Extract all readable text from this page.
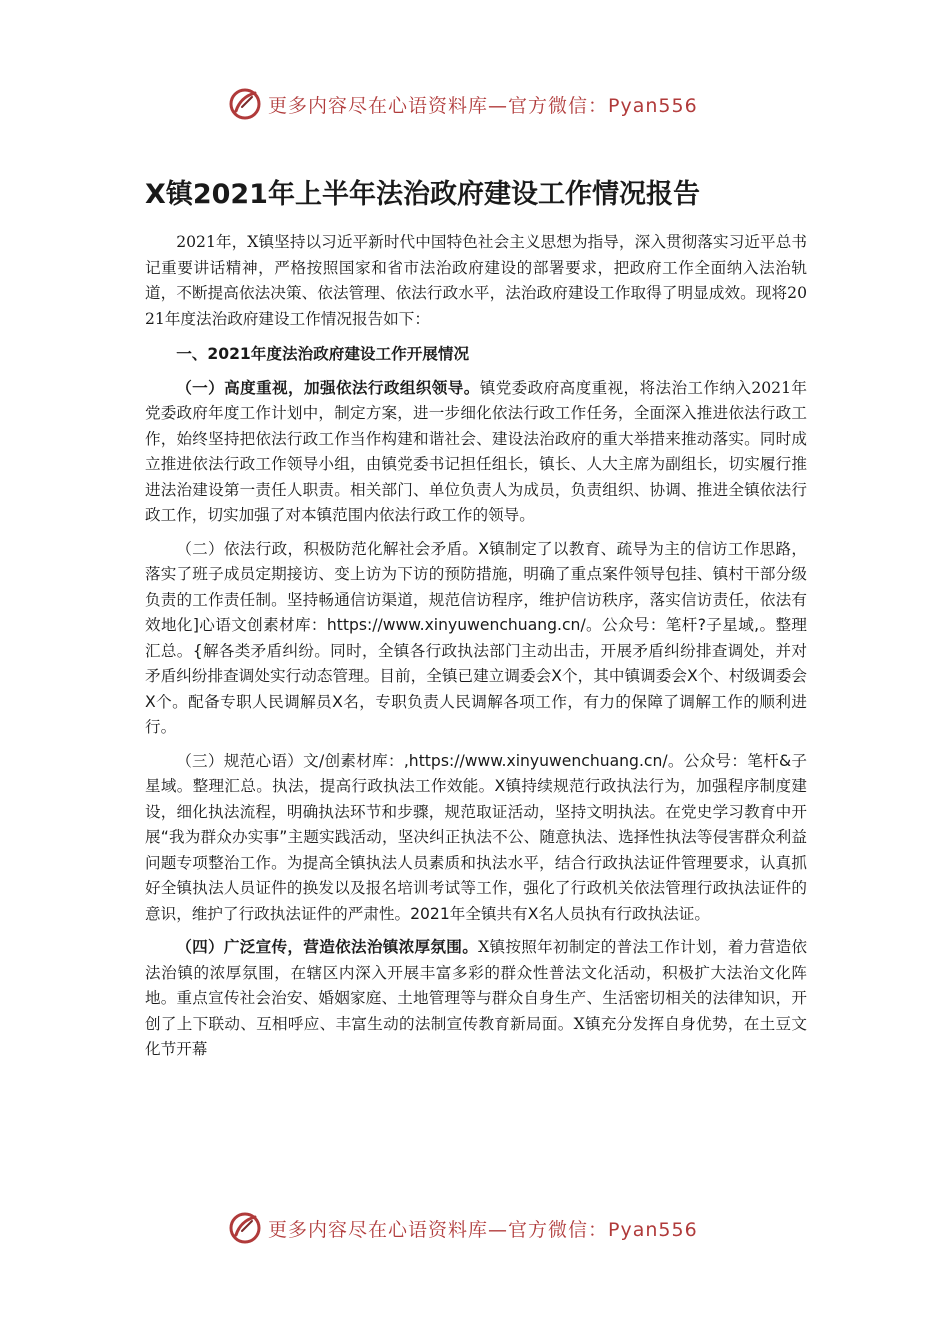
更多内容尽在心语资料库—官方微信：Pyan556
X镇2021年上半年法治政府建设工作情况报告

2021年，X镇坚持以习近平新时代中国特色社会主义思想为指导，深入贯彻落实习近平总书记重要讲话精神，严格按照国家和省市法治政府建设的部署要求，把政府工作全面纳入法治轨道，不断提高依法决策、依法管理、依法行政水平，法治政府建设工作取得了明显成效。现将2021年度法治政府建设工作情况报告如下：

一、2021年度法治政府建设工作开展情况

（一）高度重视，加强依法行政组织领导。镇党委政府高度重视，将法治工作纳入2021年党委政府年度工作计划中，制定方案，进一步细化依法行政工作任务，全面深入推进依法行政工作，始终坚持把依法行政工作当作构建和谐社会、建设法治政府的重大举措来推动落实。同时成立推进依法行政工作领导小组，由镇党委书记担任组长，镇长、人大主席为副组长，切实履行推进法治建设第一责任人职责。相关部门、单位负责人为成员，负责组织、协调、推进全镇依法行政工作，切实加强了对本镇范围内依法行政工作的领导。

（二）依法行政，积极防范化解社会矛盾。X镇制定了以教育、疏导为主的信访工作思路，落实了班子成员定期接访、变上访为下访的预防措施，明确了重点案件领导包挂、镇村干部分级负责的工作责任制。坚持畅通信访渠道，规范信访程序，维护信访秩序，落实信访责任，依法有效地化]心语文创素材库：https://www.xinyuwenchuang.cn/。公众号：笔杆?子星域,。整理汇总。{解各类矛盾纠纷。同时，全镇各行政执法部门主动出击，开展矛盾纠纷排查调处，并对矛盾纠纷排查调处实行动态管理。目前，全镇已建立调委会X个，其中镇调委会X个、村级调委会X个。配备专职人民调解员X名，专职负责人民调解各项工作，有力的保障了调解工作的顺利进行。

（三）规范心语）文/创素材库：,https://www.xinyuwenchuang.cn/。公众号：笔杆&子星域。整理汇总。执法，提高行政执法工作效能。X镇持续规范行政执法行为，加强程序制度建设，细化执法流程，明确执法环节和步骤，规范取证活动，坚持文明执法。在党史学习教育中开展“我为群众办实事”主题实践活动，坚决纠正执法不公、随意执法、选择性执法等侵害群众利益问题专项整治工作。为提高全镇执法人员素质和执法水平，结合行政执法证件管理要求，认真抓好全镇执法人员证件的换发以及报名培训考试等工作，强化了行政机关依法管理行政执法证件的意识，维护了行政执法证件的严肃性。2021年全镇共有X名人员执有行政执法证。

（四）广泛宣传，营造依法治镇浓厚氛围。X镇按照年初制定的普法工作计划，着力营造依法治镇的浓厚氛围，在辖区内深入开展丰富多彩的群众性普法文化活动，积极扩大法治文化阵地。重点宣传社会治安、婚姻家庭、土地管理等与群众自身生产、生活密切相关的法律知识，开创了上下联动、互相呼应、丰富生动的法制宣传教育新局面。X镇充分发挥自身优势，在土豆文化节开幕

更多内容尽在心语资料库—官方微信：Pyan556
